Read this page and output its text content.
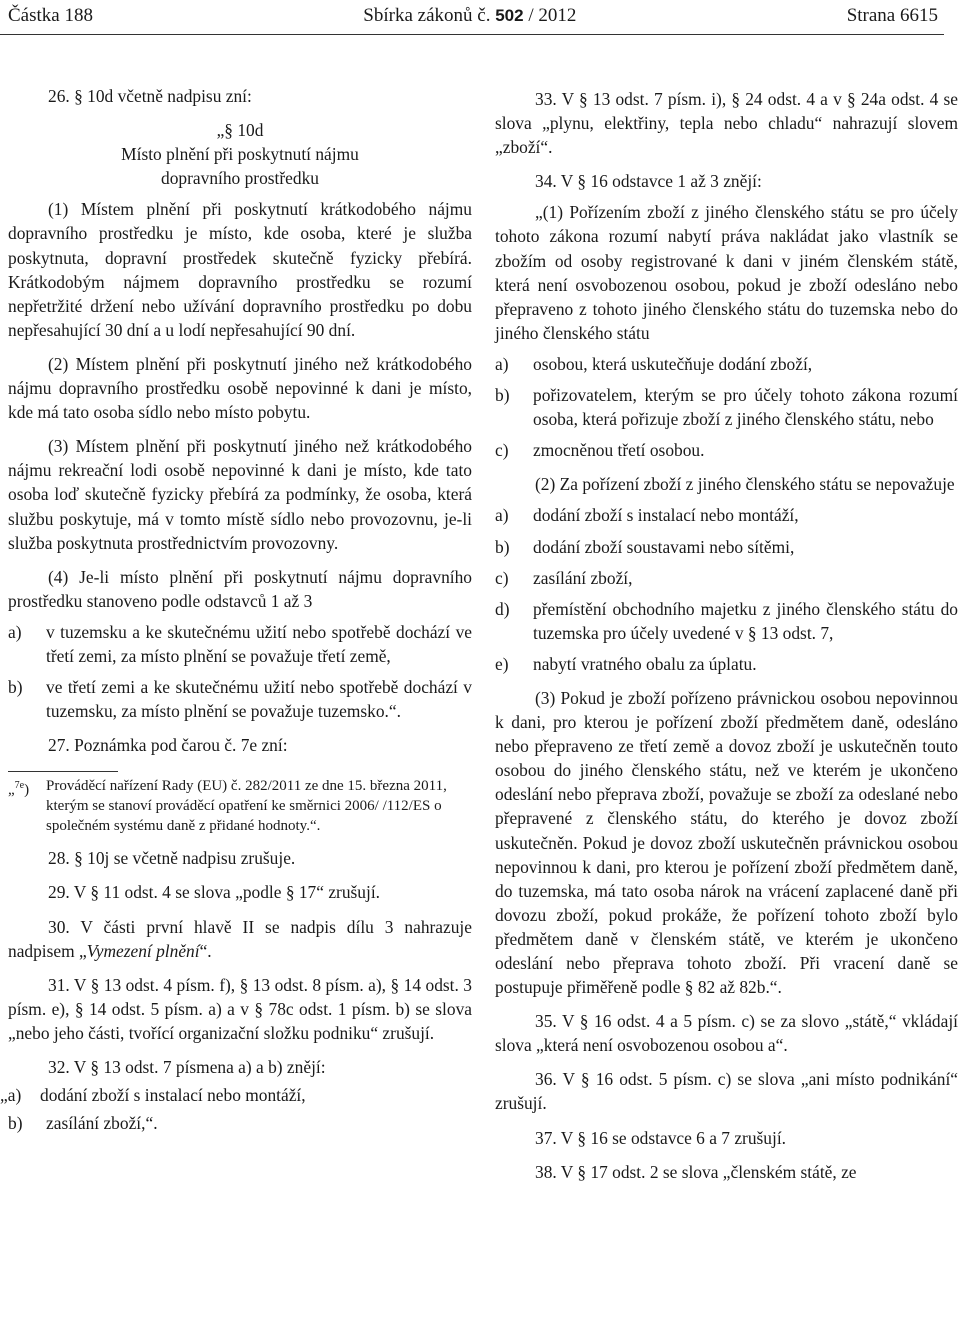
Částka 188	Sbírka zákonů č. 502 / 2012	Strana 6615

26. § 10d včetně nadpisu zní:

„§ 10d

Místo plnění při poskytnutí nájmu

dopravního prostředku

(1) Místem plnění při poskytnutí krátkodobého nájmu dopravního prostředku je místo, kde osoba, které je služba poskytnuta, dopravní prostředek skutečně fyzicky přebírá. Krátkodobým nájmem dopravního prostředku se rozumí nepřetržité držení nebo užívání dopravního prostředku po dobu nepřesahující 30 dní a u lodí nepřesahující 90 dní.

(2) Místem plnění při poskytnutí jiného než krátkodobého nájmu dopravního prostředku osobě nepovinné k dani je místo, kde má tato osoba sídlo nebo místo pobytu.

(3) Místem plnění při poskytnutí jiného než krátkodobého nájmu rekreační lodi osobě nepovinné k dani je místo, kde tato osoba loď skutečně fyzicky přebírá za podmínky, že osoba, která službu poskytuje, má v tomto místě sídlo nebo provozovnu, je-li služba poskytnuta prostřednictvím provozovny.

(4) Je-li místo plnění při poskytnutí nájmu dopravního prostředku stanoveno podle odstavců 1 až 3

a)	v tuzemsku a ke skutečnému užití nebo spotřebě dochází ve třetí zemi, za místo plnění se považuje třetí země,
b)	ve třetí zemi a ke skutečnému užití nebo spotřebě dochází v tuzemsku, za místo plnění se považuje tuzemsko.“.

27. Poznámka pod čarou č. 7e zní:

„$^{7e}$)	Prováděcí nařízení Rady (EU) č. 282/2011 ze dne 15. března 2011, kterým se stanoví prováděcí opatření ke směrnici 2006/ /112/ES o společném systému daně z přidané hodnoty.“.

28. § 10j se včetně nadpisu zrušuje.

29. V § 11 odst. 4 se slova „podle § 17“ zrušují.

30. V části první hlavě II se nadpis dílu 3 nahrazuje nadpisem „Vymezení plnění“.

31. V § 13 odst. 4 písm. f), § 13 odst. 8 písm. a), § 14 odst. 3 písm. e), § 14 odst. 5 písm. a) a v § 78c odst. 1 písm. b) se slova „nebo jeho části, tvořící organizační složku podniku“ zrušují.

32. V § 13 odst. 7 písmena a) a b) znějí:

„a)	dodání zboží s instalací nebo montáží,
b)	zasílání zboží,“.

33. V § 13 odst. 7 písm. i), § 24 odst. 4 a v § 24a odst. 4 se slova „plynu, elektřiny, tepla nebo chladu“ nahrazují slovem „zboží“.

34. V § 16 odstavce 1 až 3 znějí:

„(1) Pořízením zboží z jiného členského státu se pro účely tohoto zákona rozumí nabytí práva nakládat jako vlastník se zbožím od osoby registrované k dani v jiném členském státě, která není osvobozenou osobou, pokud je zboží odesláno nebo přepraveno z tohoto jiného členského státu do tuzemska nebo do jiného členského státu

a)	osobou, která uskutečňuje dodání zboží,
b)	pořizovatelem, kterým se pro účely tohoto zákona rozumí osoba, která pořizuje zboží z jiného členského státu, nebo
c)	zmocněnou třetí osobou.

(2) Za pořízení zboží z jiného členského státu se nepovažuje

a)	dodání zboží s instalací nebo montáží,
b)	dodání zboží soustavami nebo sítěmi,
c)	zasílání zboží,
d)	přemístění obchodního majetku z jiného členského státu do tuzemska pro účely uvedené v § 13 odst. 7,
e)	nabytí vratného obalu za úplatu.

(3) Pokud je zboží pořízeno právnickou osobou nepovinnou k dani, pro kterou je pořízení zboží předmětem daně, odesláno nebo přepraveno ze třetí země a dovoz zboží je uskutečněn touto osobou do jiného členského státu, než ve kterém je ukončeno odeslání nebo přeprava zboží, považuje se zboží za odeslané nebo přepravené z členského státu, do kterého je dovoz zboží uskutečněn. Pokud je dovoz zboží uskutečněn právnickou osobou nepovinnou k dani, pro kterou je pořízení zboží předmětem daně, do tuzemska, má tato osoba nárok na vrácení zaplacené daně při dovozu zboží, pokud prokáže, že pořízení tohoto zboží bylo předmětem daně v členském státě, ve kterém je ukončeno odeslání nebo přeprava tohoto zboží. Při vracení daně se postupuje přiměřeně podle § 82 až 82b.“.

35. V § 16 odst. 4 a 5 písm. c) se za slovo „státě,“ vkládají slova „která není osvobozenou osobou a“.

36. V § 16 odst. 5 písm. c) se slova „ani místo podnikání“ zrušují.

37. V § 16 se odstavce 6 a 7 zrušují.

38. V § 17 odst. 2 se slova „členském státě, ze
